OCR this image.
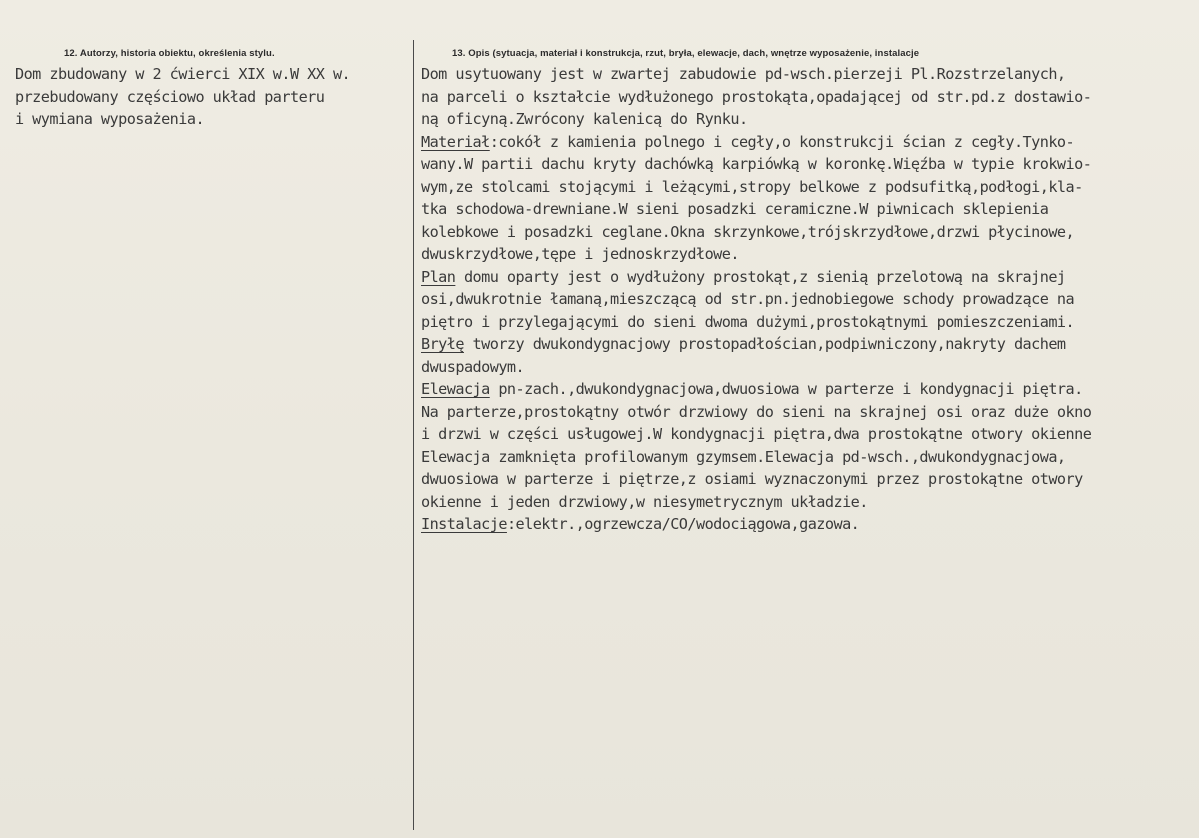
12. Autorzy, historia obiektu, określenia stylu.	13. Opis (sytuacja, materiał i konstrukcja, rzut, bryła, elewacje, dach, wnętrze wyposażenie, instalacje
Dom zbudowany w 2 ćwierci XIX w.W XX w.
przebudowany częściowo układ parteru
i wymiana wyposażenia.
Dom usytuowany jest w zwartej zabudowie pd-wsch.pierzeji Pl.Rozstrzelanych,
na parceli o kształcie wydłużonego prostokąta,opadającej od str.pd.z dostawio-
ną oficyną.Zwrócony kalenicą do Rynku.
Materiał:cokół z kamienia polnego i cegły,o konstrukcji ścian z cegły.Tynko-
wany.W partii dachu kryty dachówką karpiówką w koronkę.Więźba w typie krokwio-
wym,ze stolcami stojącymi i leżącymi,stropy belkowe z podsufitką,podłogi,kla-
tka schodowa-drewniane.W sieni posadzki ceramiczne.W piwnicach sklepienia
kolebkowe i posadzki ceglane.Okna skrzynkowe,trójskrzydłowe,drzwi płycinowe,
dwuskrzydłowe,tępe i jednoskrzydłowe.
Plan domu oparty jest o wydłużony prostokąt,z sienią przelotową na skrajnej
osi,dwukrotnie łamaną,mieszczącą od str.pn.jednobiegowe schody prowadzące na
piętro i przylegającymi do sieni dwoma dużymi,prostokątnymi pomieszczeniami.
Bryłę tworzy dwukondygnacjowy prostopadłościan,podpiwniczony,nakryty dachem
dwuspadowym.
Elewacja pn-zach.,dwukondygnacjowa,dwuosiowa w parterze i kondygnacji piętra.
Na parterze,prostokątny otwór drzwiowy do sieni na skrajnej osi oraz duże okno
i drzwi w części usługowej.W kondygnacji piętra,dwa prostokątne otwory okienne
Elewacja zamknięta profilowanym gzymsem.Elewacja pd-wsch.,dwukondygnacjowa,
dwuosiowa w parterze i piętrze,z osiami wyznaczonymi przez prostokątne otwory
okienne i jeden drzwiowy,w niesymetrycznym układzie.
Instalacje:elektr.,ogrzewcza/CO/wodociągowa,gazowa.
